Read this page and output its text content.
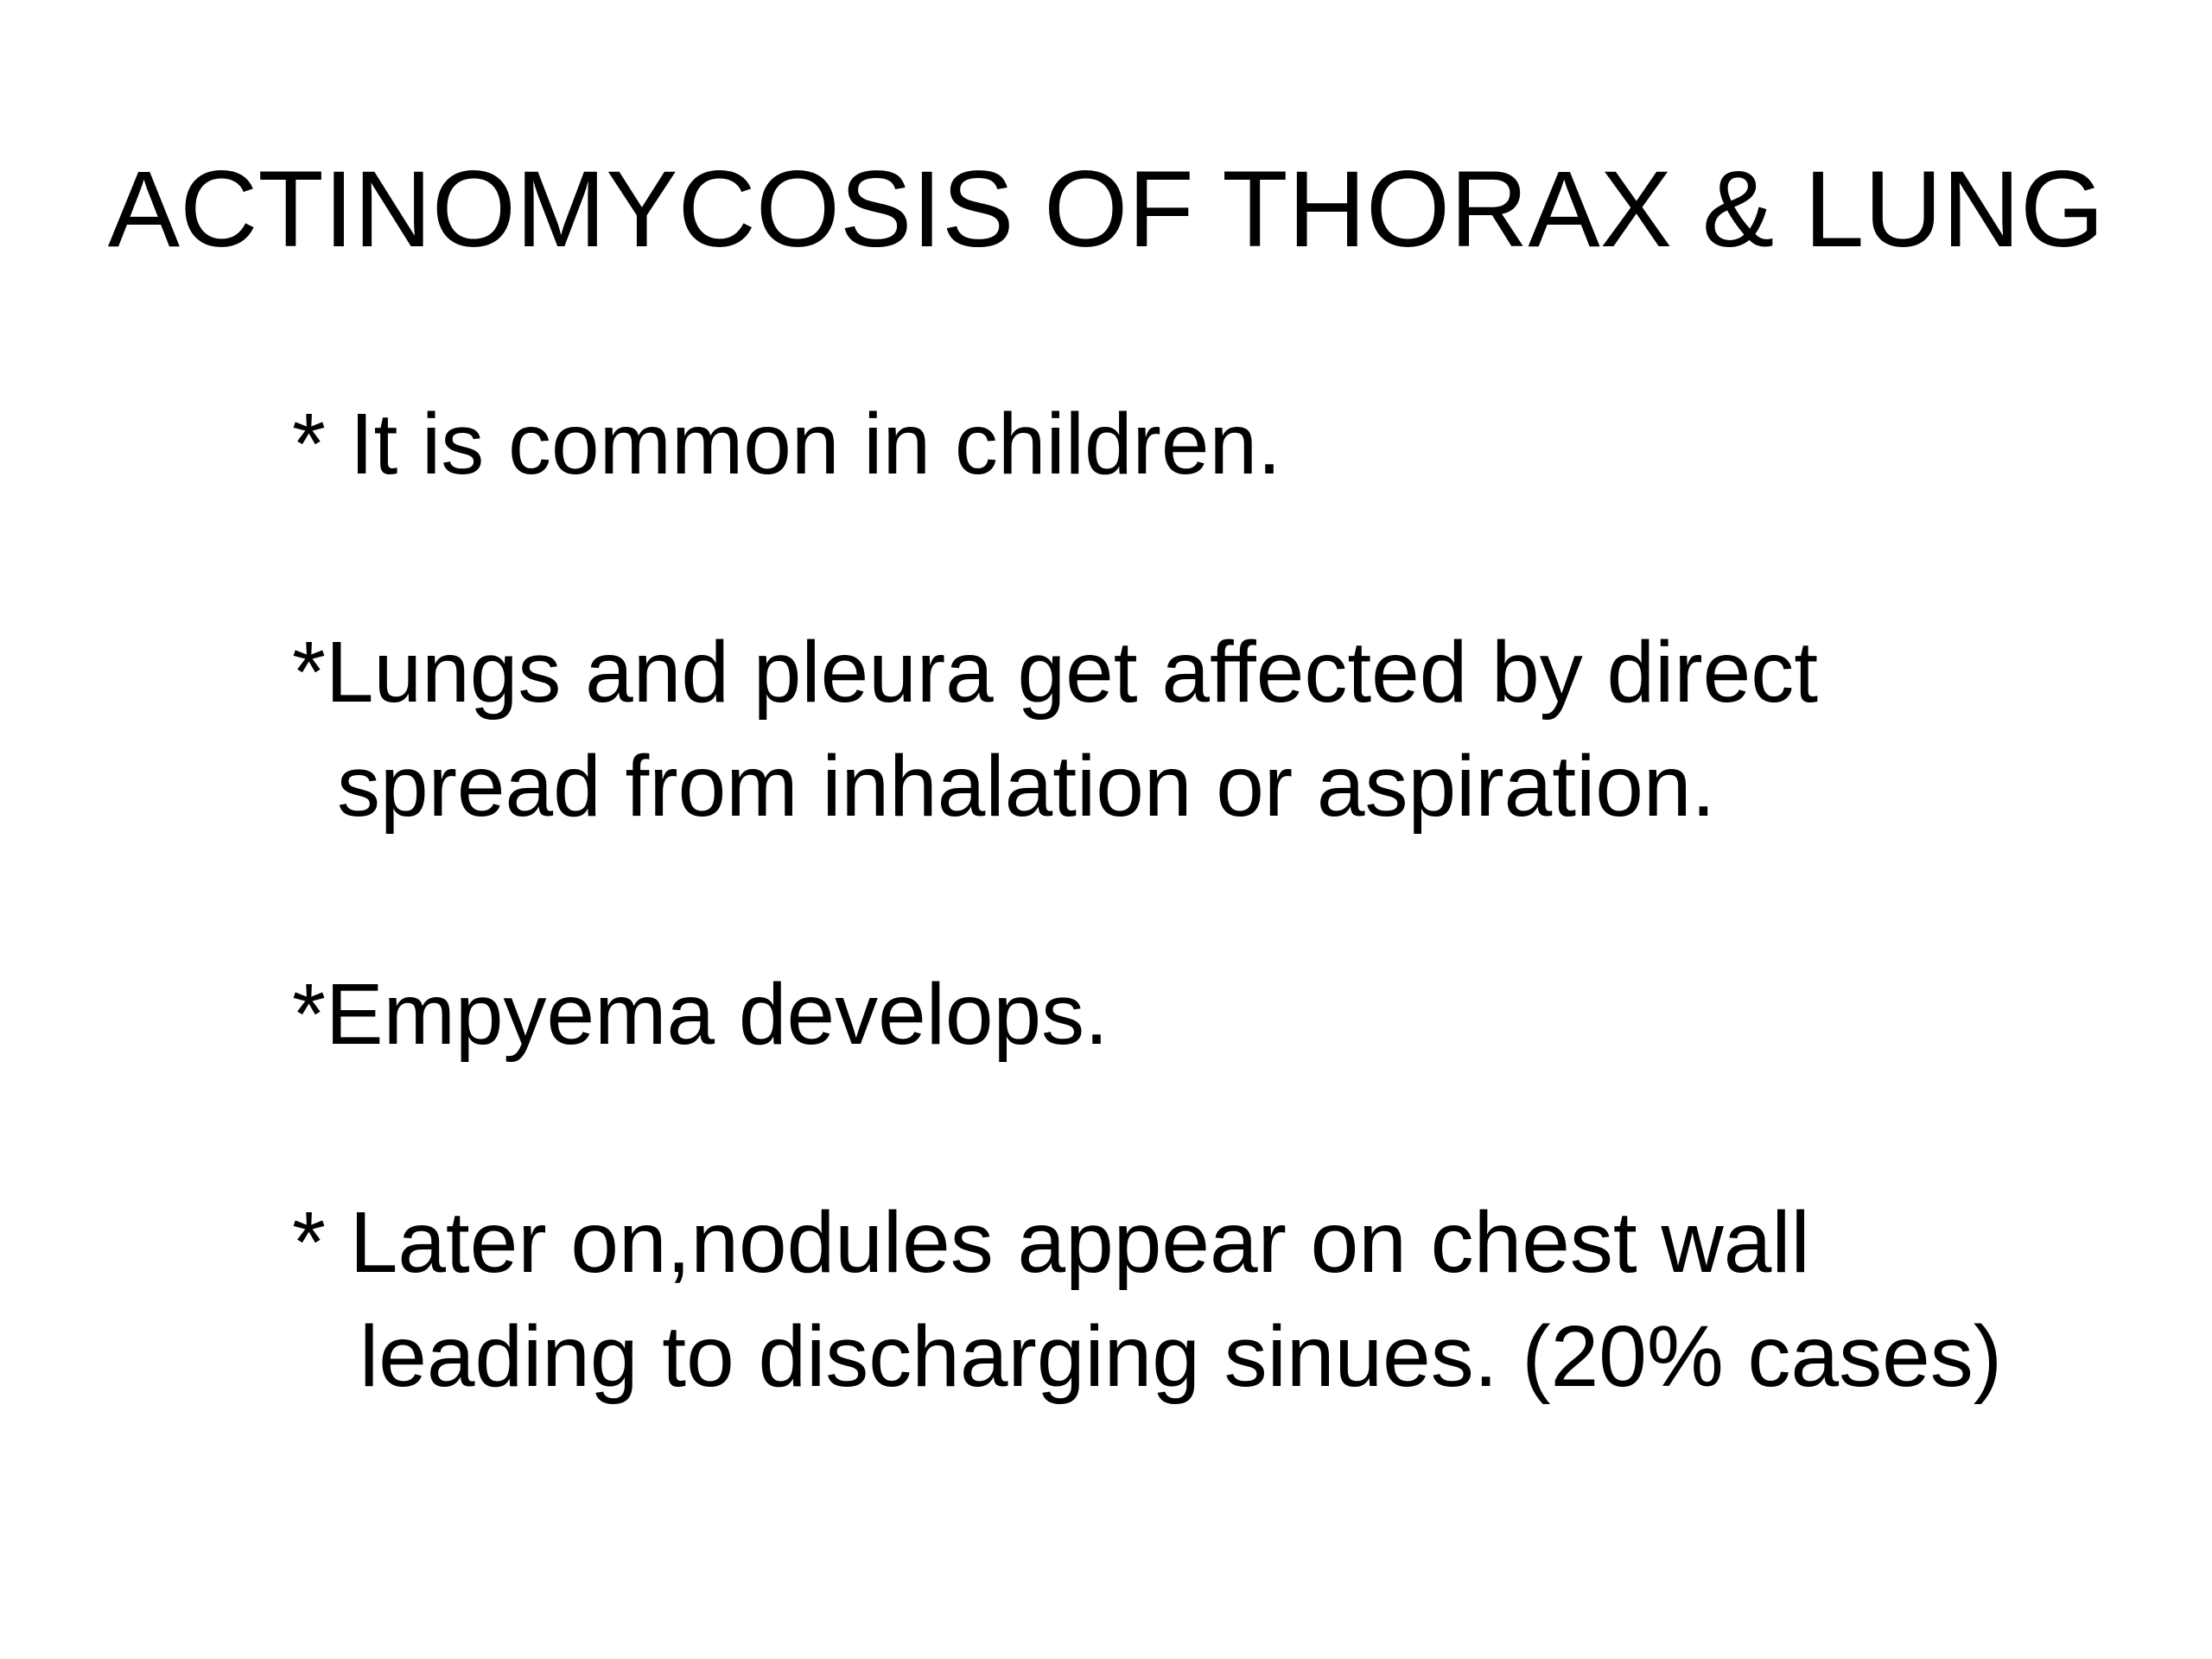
ACTINOMYCOSIS OF THORAX & LUNG

* It is common in children.

*Lungs and pleura get affected by direct
spread from inhalation or aspiration.

*Empyema develops.

* Later on,nodules appear on chest wall
leading to discharging sinues. (20% cases)
